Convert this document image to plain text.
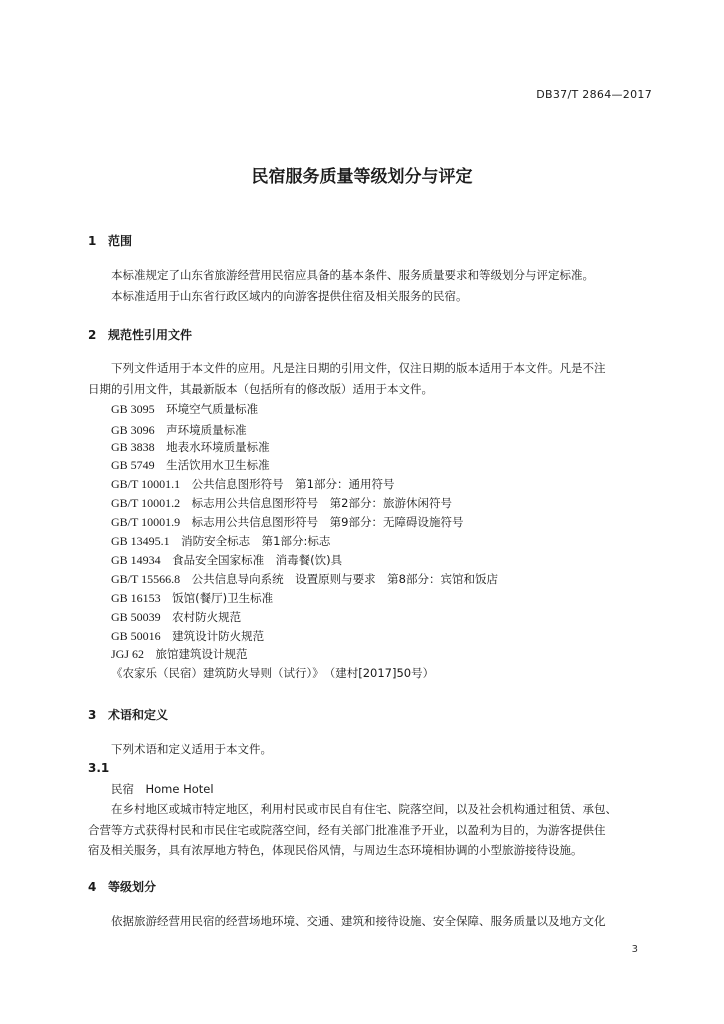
DB37/T 2864—2017
民宿服务质量等级划分与评定
1 范围
本标准规定了山东省旅游经营用民宿应具备的基本条件、服务质量要求和等级划分与评定标准。
本标准适用于山东省行政区域内的向游客提供住宿及相关服务的民宿。
2 规范性引用文件
下列文件适用于本文件的应用。凡是注日期的引用文件，仅注日期的版本适用于本文件。凡是不注
日期的引用文件，其最新版本（包括所有的修改版）适用于本文件。
GB 3095　 环境空气质量标准
GB 3096　 声环境质量标准
GB 3838　 地表水环境质量标准
GB 5749　 生活饮用水卫生标准
GB/T 10001.1　 公共信息图形符号　第1部分：通用符号
GB/T 10001.2　 标志用公共信息图形符号　第2部分：旅游休闲符号
GB/T 10001.9　 标志用公共信息图形符号　第9部分：无障碍设施符号
GB 13495.1　 消防安全标志　第1部分:标志
GB 14934　 食品安全国家标准　消毒餐(饮)具
GB/T 15566.8　 公共信息导向系统　设置原则与要求　第8部分：宾馆和饭店
GB 16153　 饭馆(餐厅)卫生标准
GB 50039　 农村防火规范
GB 50016　 建筑设计防火规范
JGJ 62　 旅馆建筑设计规范
《农家乐（民宿）建筑防火导则（试行）》　（建村[2017]50号）
3 术语和定义
下列术语和定义适用于本文件。
3.1
民宿　Home Hotel
在乡村地区或城市特定地区，利用村民或市民自有住宅、院落空间，以及社会机构通过租赁、承包、
合营等方式获得村民和市民住宅或院落空间，经有关部门批准准予开业，以盈利为目的，为游客提供住
宿及相关服务，具有浓厚地方特色，体现民俗风情，与周边生态环境相协调的小型旅游接待设施。
4 等级划分
依据旅游经营用民宿的经营场地环境、交通、建筑和接待设施、安全保障、服务质量以及地方文化
3
